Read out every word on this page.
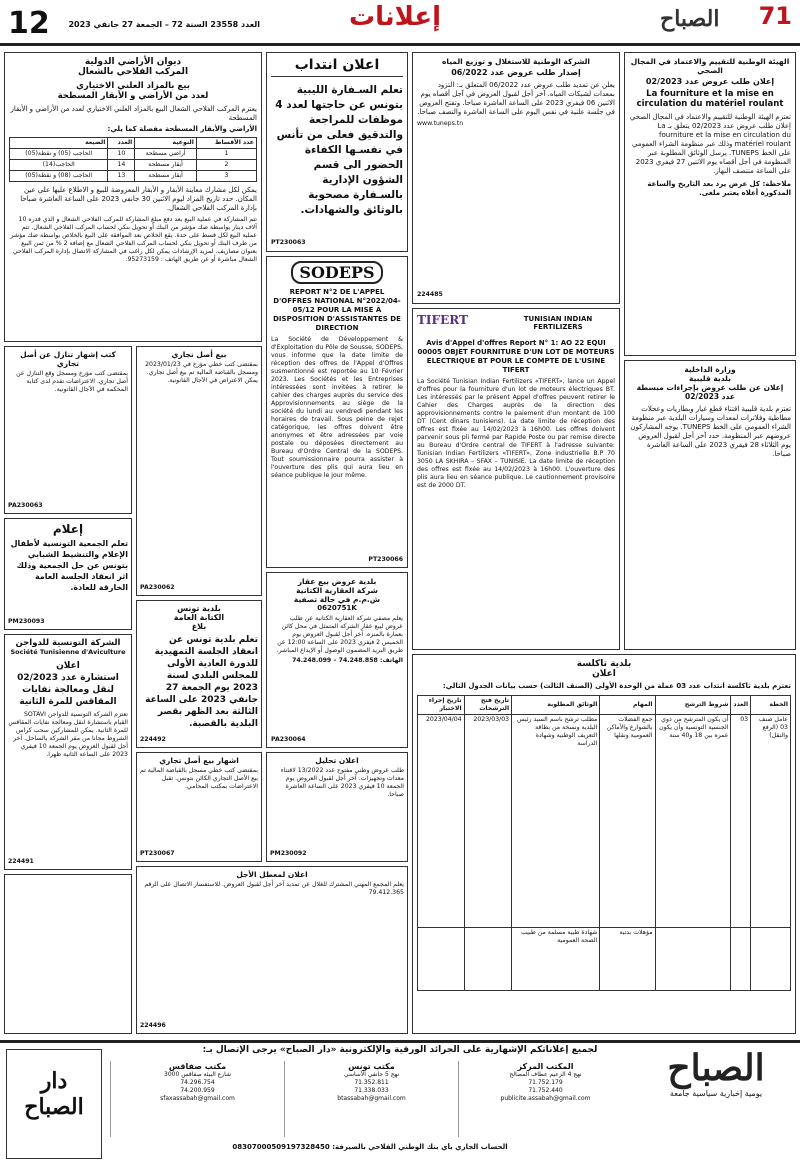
12	العدد 23558 السنة 72 – الجمعة 27 جانفي 2023	إعلانات	الصباح 71
ديوان الأراضي الدولية
المركب الفلاحي بالشعال
بيع بالمزاد العلني الاختياري
لعدد من الأراضي و الأبقار المسطحة
يعتزم المركب الفلاحي الشعال البيع بالمزاد العلني الاختياري لعدد من الأراضي و الأبقار المسطحة
الأراضي والأبقار المسطحة مفصلة كما يلي:
عدد الأقساط	النوعية	العدد	الضيعة
1	أراضي مسطحة	10	الحاجب (05) و نقطة(05)
2	أبقار مسطحة	14	الحاجب(14)
3	أبقار مسطحة	13	الحاجب (08) و نقطة(05)
يمكن لكل مشارك معاينة الأبقار و الأبقار المعروضة للبيع و الاطلاع عليها على عين المكان. حدد تاريخ المزاد ليوم الاثنين 30 جانفي 2023 على الساعة العاشرة صباحا بإدارة المركب الفلاحي الشعال.
تتم المشاركة في عملية البيع بعد دفع مبلغ المشاركة للمركب الفلاحي الشعال و الذي قدره 10 آلاف دينار بواسطة صك مؤشر من البنك أو تحويل بنكي لحساب المركب الفلاحي الشعال. تتم عملية البيع لكل قسط على حدة. يقع الخلاص بعد الموافقة على البيع بالخلاص بواسطة صك مؤشر من طرف البنك أو تحويل بنكي لحساب المركب الفلاحي الشعال مع إضافة 2 % من ثمن البيع بعنوان مصاريف. لمزيد الإرشادات يمكن لكل راغب في المشاركة الاتصال بإدارة المركب الفلاحي الشعال مباشرة أو عن طريق الهاتف : 95273159.
اعلان انتداب
تعلم السـفارة الليبية بتونس عن حاجتها لعدد 4 موظفات للمراجعة والتدقيق فعلى من تأنس في نفسـها الكفاءة الحضور الى قسم الشؤون الإدارية بالسـفارة مصحوبة بالوثائق والشهادات.
PT230063
الشركة الوطنية للاستغلال و توزيع المياه
إصدار طلب عروض عدد 06/2022
يعلن عن تمديد طلب عروض عدد 06/2022 المتعلق بـ: التزود بمعدات لشبكات المياه. آخر أجل لقبول العروض في آجل أقصاه يوم الاثنين 06 فيفري 2023 على الساعة العاشرة صباحا. وتفتح العروض في جلسة علنية في نفس اليوم على الساعة العاشرة والنصف صباحا.
www.tuneps.tn
224485
الهيئة الوطنية للتقييم والاعتماد في المجال الصحي
إعلان طلب عروض عدد 02/2023
La fourniture et la mise en circulation du matériel roulant
تعتزم الهيئة الوطنية للتقييم والاعتماد في المجال الصحي إعلان طلب عروض عدد 02/2023 يتعلق بـ La fourniture et la mise en circulation du matériel roulant وذلك عبر منظومة الشراء العمومي على الخط TUNEPS. يرسل الوثائق المطلوبة عبر المنظومة في أجل أقصاه يوم الاثنين 27 فيفري 2023 على الساعة منتصف النهار.
ملاحظة: كل عرض يرد بعد التاريخ والساعة المذكورة أعلاه يعتبر ملغى.
SODEPS
REPORT N°2 DE L'APPEL D'OFFRES NATIONAL N°2022/04-05/12 POUR LA MISE À DISPOSITION D'ASSISTANTES DE DIRECTION
La Société de Développement & d'Exploitation du Pôle de Sousse, SODEPS, vous informe que la date limite de réception des offres de l'Appel d'Offres susmentionné est reportée au 10 Février 2023. Les Sociétés et les Entreprises intéressées sont invitées à retirer le cahier des charges auprès du service des Approvisionnements au siège de la société du lundi au vendredi pendant les horaires de travail. Sous peine de rejet catégorique, les offres doivent être anonymes et être adressées par voie postale ou déposées directement au Bureau d'Ordre Central de la SODEPS. Tout soumissionnaire pourra assister à l'ouverture des plis qui aura lieu en séance publique le jour même.
PT230066
TIFERT	TUNISIAN INDIAN FERTILIZERS
Avis d'Appel d'offres Report N° 1: AO 22 EQUI 00005 OBJET FOURNITURE D'UN LOT DE MOTEURS ELECTRIQUE BT POUR LE COMPTE DE L'USINE TIFERT
La Société Tunisian Indian Fertilizers «TIFERT», lance un Appel d'offres pour la fourniture d'un lot de moteurs électriques BT. Les intéressés par le présent Appel d'offres peuvent retirer le Cahier des Charges auprès de la direction des approvisionnements contre le paiement d'un montant de 100 DT (Cent dinars tunisiens). La date limite de réception des offres est fixée au 14/02/2023 à 16h00. Les offres doivent parvenir sous pli fermé par Rapide Poste ou par remise directe au Bureau d'Ordre central de TIFERT à l'adresse suivante: Tunisian Indian Fertilizers «TIFERT», Zone industrielle B.P 70 3050 LA SKHIRA – SFAX – TUNISIE. La date limite de réception des offres est fixée au 14/02/2023 à 16h00. L'ouverture des plis aura lieu en séance publique. Le cautionnement provisoire est de 2000 DT.
وزارة الداخلية
بلدية قليبية
إعلان عن طلب عروض بإجراءات مبسطة عدد 02/2023
تعتزم بلدية قليبية اقتناء قطع غيار وبطاريات وعجلات مطاطية وفلاترات لمعدات وسيارات البلدية عبر منظومة الشراء العمومي على الخط TUNEPS. يوجه المشاركون عروضهم عبر المنظومة. حدد آخر أجل لقبول العروض يوم الثلاثاء 28 فيفري 2023 على الساعة العاشرة صباحا.
كتب إشهار تنازل عن أصل تجاري
بمقتضى كتب مؤرخ ومسجل وقع التنازل عن أصل تجاري. الاعتراضات تقدم لدى كتابة المحكمة في الآجال القانونية.
PA230063
بيع أصل تجاري
بمقتضى كتب خطي مؤرخ في 2023/01/23 ومسجل بالقباضة المالية تم بيع أصل تجاري. يمكن الاعتراض في الآجال القانونية.
PA230062
إعلام
تعلم الجمعية التونسية لأطفال الإعلام والتنشيط الشبابي بتونس عن حل الجمعية وذلك اثر انعقاد الجلسة العامة الخارقة للعادة.
PM230093
بلدية تونس
الكتابة العامة
بلاغ
تعلم بلدية تونس عن انعقاد الجلسة التمهيدية للدورة العادية الأولى للمجلس البلدي لسنة 2023 يوم الجمعة 27 جانفي 2023 على الساعة الثالثة بعد الظهر بقصر البلدية بالقصبة.
224492
الشركة التونسية للدواجن
Société Tunisienne d'Aviculture
اعلان
استشارة عدد 02/2023
لنقل ومعالجة نفايات المقاقس للمرة الثانية
تعتزم الشركة التونسية للدواجن SOTAVI القيام باستشارة لنقل ومعالجة نفايات المقاقس للمرة الثانية. يمكن للمشاركين سحب كراس الشروط مجانا من مقر الشركة بالساحل. آخر أجل لقبول العروض يوم الجمعة 10 فيفري 2023 على الساعة الثانية ظهرا.
224491
بلدية عروض بيع عقار
شركة العقارية الكتانية
ش.م.م في حالة تصفية
0620751K
يعلم مصفي شركة العقارية الكتانية عن طلب عروض لبيع عقار الشركة المتمثل في محل كائن بعمارة بالمنزه. آخر أجل لقبول العروض يوم الخميس 2 فيفري 2023 على الساعة 12:00 عن طريق البريد المضمون الوصول أو الإيداع المباشر.
الهاتف: 74.248.858 – 74.248.099
PA230064
اشهار بيع أصل تجاري
بمقتضى كتب خطي مسجل بالقباضة المالية تم بيع الأصل التجاري الكائن بتونس. تقبل الاعتراضات بمكتب المحامي.
PT230067
اعلان تحليل
طلب عروض وطني مفتوح عدد 13/2022 لاقتناء معدات وتجهيزات. آخر أجل لقبول العروض يوم الجمعة 10 فيفري 2023 على الساعة العاشرة صباحا.
PM230092
اعلان لمعطل الأجل
يعلم المجمع المهني المشترك للغلال عن تمديد آخر أجل لقبول العروض. للاستفسار الاتصال على الرقم 79.412.365
224496
بلدية تاكلسة
اعلان
تعتزم بلدية تاكلسة انتداب عدد 03 عملة من الوحدة الأولى (الصنف الثالث) حسب بيانات الجدول التالي:
الخطة	العدد	شروط الترشح	المهام	الوثائق المطلوبة	تاريخ فتح الترشحات	تاريخ إجراء الاختبار
عامل صنف 03 (الرفع والنقل)	03	أن يكون المترشح من ذوي الجنسية التونسية وأن يكون عمره بين 18 و40 سنة	جمع الفضلات بالشوارع والأماكن العمومية ونقلها	مطلب ترشح باسم السيد رئيس البلدية ونسخة من بطاقة التعريف الوطنية وشهادة الدراسة	2023/03/03	2023/04/04
			مؤهلات بدنية	شهادة طبية مسلمة من طبيب الصحة العمومية		
لجميع إعلاناتكم الإشهارية على الجرائد الورقية والإلكترونية «دار الصباح» يرجى الإتصال بـ:	الصباح
يومية إخبارية سياسية جامعة
المكتب المركز
نهج 4 الزعيم عطاف المصالح
71.752.179
71.752.440
publicite.assabah@gmail.com
مكتب تونس
نهج 5 جانفي الأساسي
71.352.811
71.338.033
btassabah@gmail.com
مكتب صفاقس
شارع البيئة صفاقس 3000
74.296.754
74.200.959
sfaxassabah@gmail.com
الحساب الجاري بأي بنك الوطني الفلاحي بالصيرفة: 08307000509197328450
دار
الصباح
